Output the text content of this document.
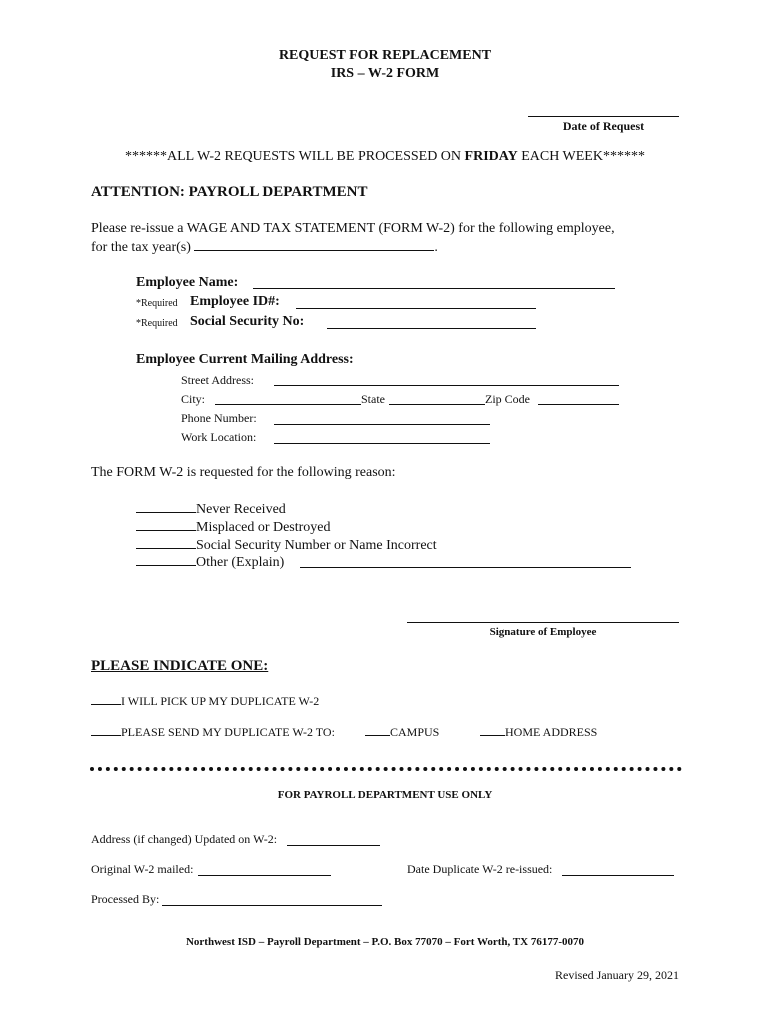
REQUEST FOR REPLACEMENT
IRS – W-2 FORM
Date of Request
******ALL W-2 REQUESTS WILL BE PROCESSED ON FRIDAY EACH WEEK******
ATTENTION: PAYROLL DEPARTMENT
Please re-issue a WAGE AND TAX STATEMENT (FORM W-2) for the following employee,
for the tax year(s)	.
Employee Name:
*Required Employee ID#:
*Required Social Security No:
Employee Current Mailing Address:
Street Address:
City:	State	Zip Code
Phone Number:
Work Location:
The FORM W-2 is requested for the following reason:
Never Received
Misplaced or Destroyed
Social Security Number or Name Incorrect
Other (Explain)
Signature of Employee
PLEASE INDICATE ONE:
I WILL PICK UP MY DUPLICATE W-2
PLEASE SEND MY DUPLICATE W-2 TO:	CAMPUS	HOME ADDRESS
FOR PAYROLL DEPARTMENT USE ONLY
Address (if changed) Updated on W-2:
Original W-2 mailed:	Date Duplicate W-2 re-issued:
Processed By:
Northwest ISD – Payroll Department – P.O. Box 77070 – Fort Worth, TX 76177-0070
Revised January 29, 2021
